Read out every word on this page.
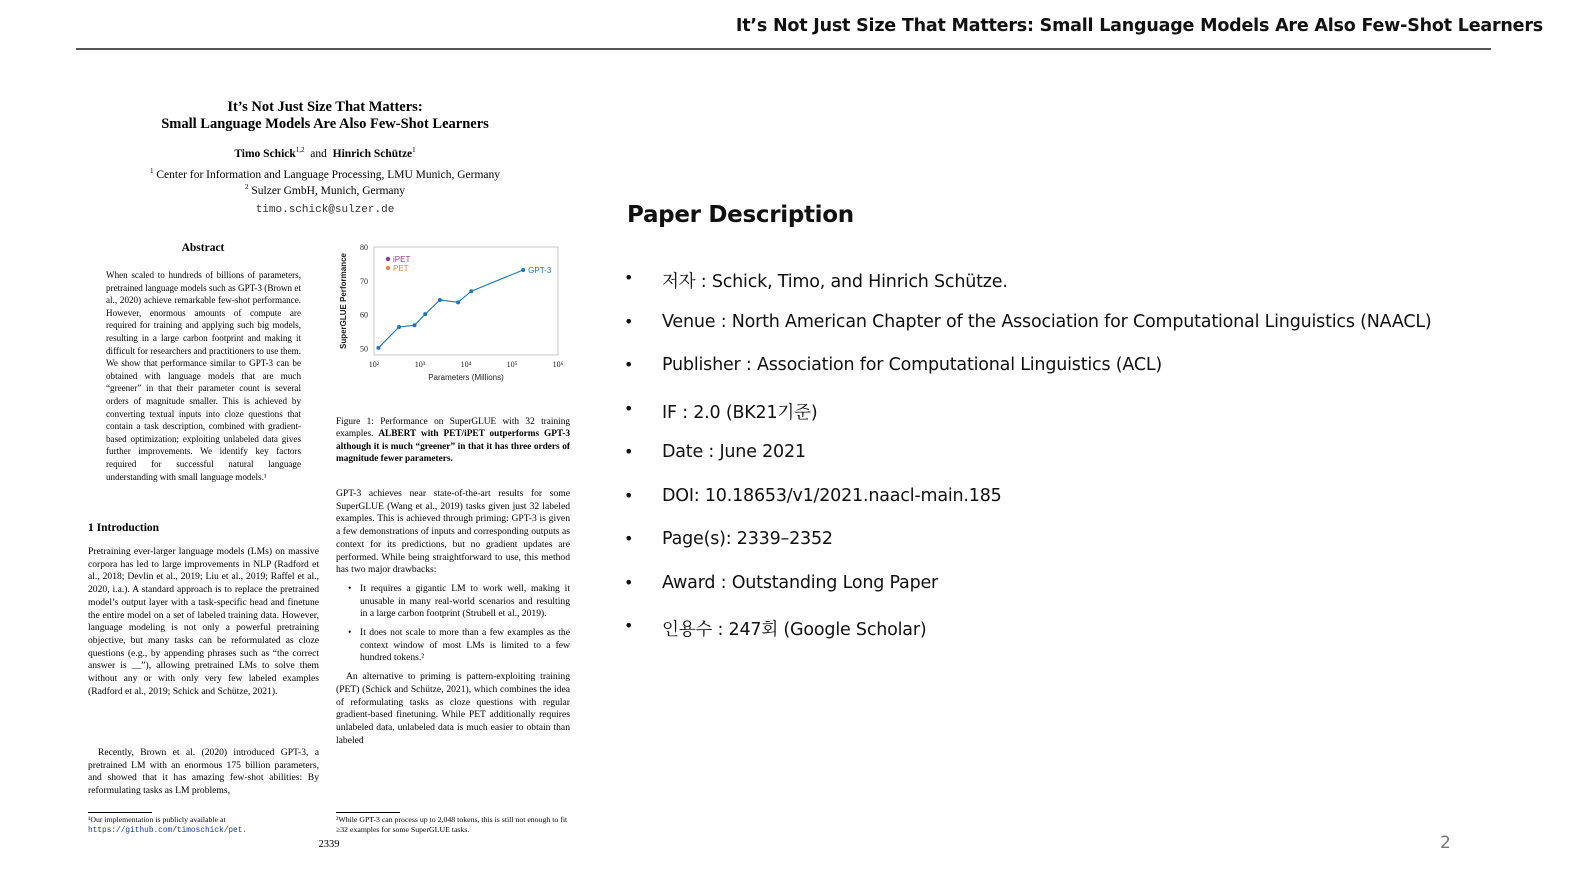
It’s Not Just Size That Matters: Small Language Models Are Also Few-Shot Learners
It’s Not Just Size That Matters:
Small Language Models Are Also Few-Shot Learners
Timo Schick$^{1,2}$ and Hinrich Schütze$^1$
$^1$ Center for Information and Language Processing, LMU Munich, Germany
$^2$ Sulzer GmbH, Munich, Germany
timo.schick@sulzer.de
Abstract
When scaled to hundreds of billions of parameters, pretrained language models such as GPT-3 (Brown et al., 2020) achieve remarkable few-shot performance. However, enormous amounts of compute are required for training and applying such big models, resulting in a large carbon footprint and making it difficult for researchers and practitioners to use them. We show that performance similar to GPT-3 can be obtained with language models that are much “greener” in that their parameter count is several orders of magnitude smaller. This is achieved by converting textual inputs into cloze questions that contain a task description, combined with gradient-based optimization; exploiting unlabeled data gives further improvements. We identify key factors required for successful natural language understanding with small language models.¹
1 Introduction
Pretraining ever-larger language models (LMs) on massive corpora has led to large improvements in NLP (Radford et al., 2018; Devlin et al., 2019; Liu et al., 2019; Raffel et al., 2020, i.a.). A standard approach is to replace the pretrained model’s output layer with a task-specific head and finetune the entire model on a set of labeled training data. However, language modeling is not only a powerful pretraining objective, but many tasks can be reformulated as cloze questions (e.g., by appending phrases such as “the correct answer is __”), allowing pretrained LMs to solve them without any or with only very few labeled examples (Radford et al., 2019; Schick and Schütze, 2021).
Recently, Brown et al. (2020) introduced GPT-3, a pretrained LM with an enormous 175 billion parameters, and showed that it has amazing few-shot abilities: By reformulating tasks as LM problems,
¹Our implementation is publicly available at https://github.com/timoschick/pet.
50
60
70
80
10²	10³	10⁴	10⁵	10⁶
Parameters (Millions)
SuperGLUE Performance	iPET
PET	GPT-3
Figure 1: Performance on SuperGLUE with 32 training examples. ALBERT with PET/iPET outperforms GPT-3 although it is much “greener” in that it has three orders of magnitude fewer parameters.
GPT-3 achieves near state-of-the-art results for some SuperGLUE (Wang et al., 2019) tasks given just 32 labeled examples. This is achieved through priming: GPT-3 is given a few demonstrations of inputs and corresponding outputs as context for its predictions, but no gradient updates are performed. While being straightforward to use, this method has two major drawbacks:
• It requires a gigantic LM to work well, making it unusable in many real-world scenarios and resulting in a large carbon footprint (Strubell et al., 2019).
• It does not scale to more than a few examples as the context window of most LMs is limited to a few hundred tokens.²
An alternative to priming is pattern-exploiting training (PET) (Schick and Schütze, 2021), which combines the idea of reformulating tasks as cloze questions with regular gradient-based finetuning. While PET additionally requires unlabeled data, unlabeled data is much easier to obtain than labeled
²While GPT-3 can process up to 2,048 tokens, this is still not enough to fit ≥32 examples for some SuperGLUE tasks.
2339
Paper Description
• 저자 : Schick, Timo, and Hinrich Schütze.
• Venue : North American Chapter of the Association for Computational Linguistics (NAACL)
• Publisher : Association for Computational Linguistics (ACL)
• IF : 2.0 (BK21기준)
• Date : June 2021
• DOI: 10.18653/v1/2021.naacl-main.185
• Page(s): 2339–2352
• Award : Outstanding Long Paper
• 인용수 : 247회 (Google Scholar)
2
